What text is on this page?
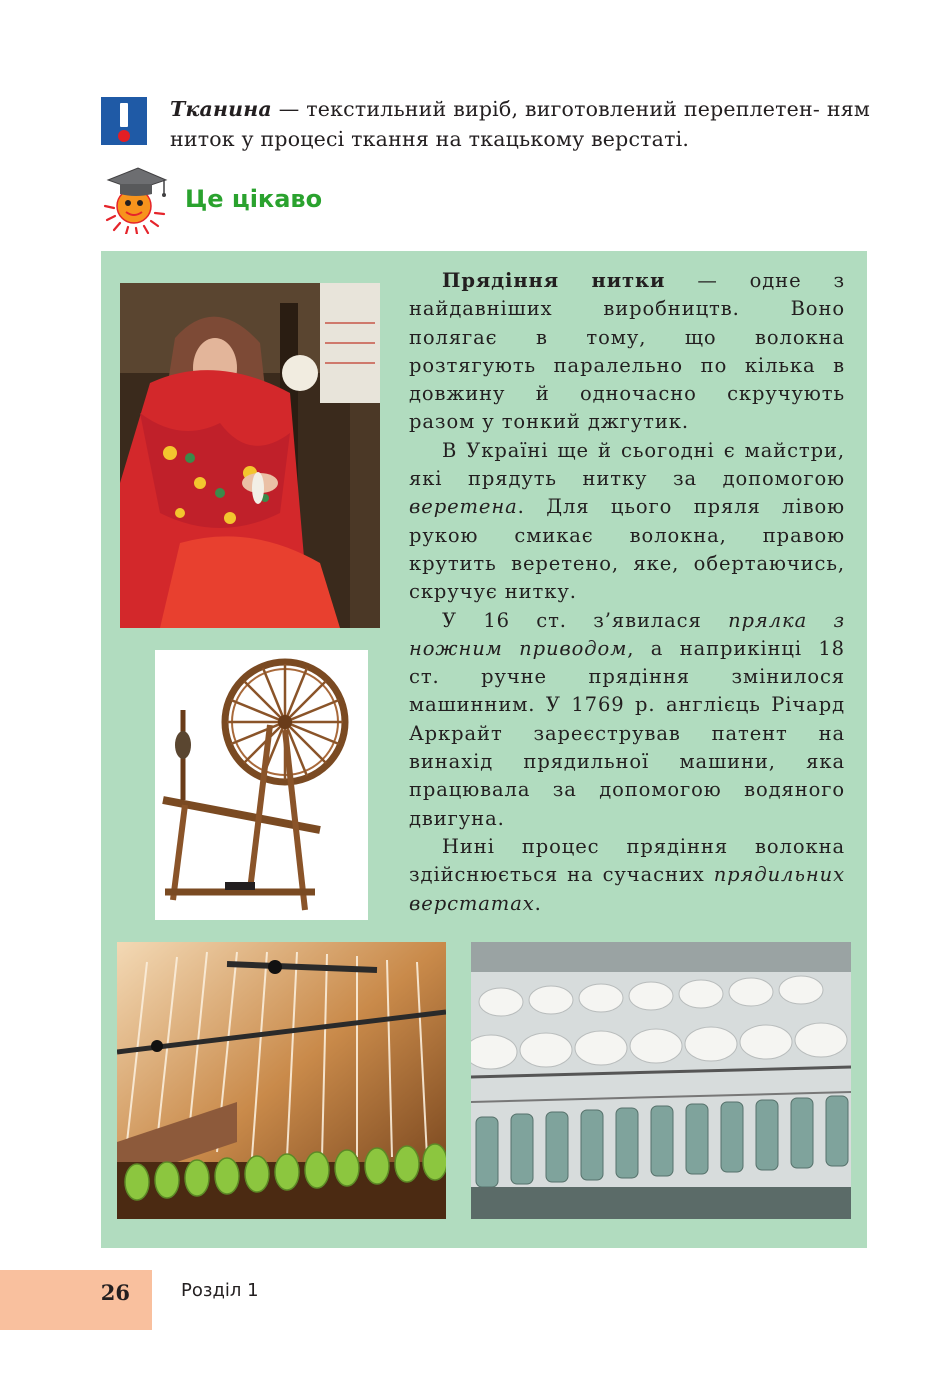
Тканина — текстильний виріб, виготовлений переплетен- ням ниток у процесі ткання на ткацькому верстаті.
Це цікаво

Прядіння нитки — одне з найдавніших виробництв. Воно полягає в тому, що волокна розтягують паралельно по кілька в довжину й одночасно скручують разом у тонкий джгутик.

В Україні ще й сьогодні є майстри, які прядуть нитку за допомогою веретена. Для цього пряля лівою рукою смикає волокна, правою крутить веретено, яке, обертаючись, скручує нитку.

У 16 ст. з’явилася прялка з ножним приводом, а наприкінці 18 ст. ручне прядіння змінилося машинним. У 1769 р. англієць Річард Аркрайт зареєстрував патент на винахід прядильної машини, яка працювала за допомогою водяного двигуна.

Нині процес прядіння волокна здійснюється на сучасних прядильних верстатах.

26	Розділ 1
